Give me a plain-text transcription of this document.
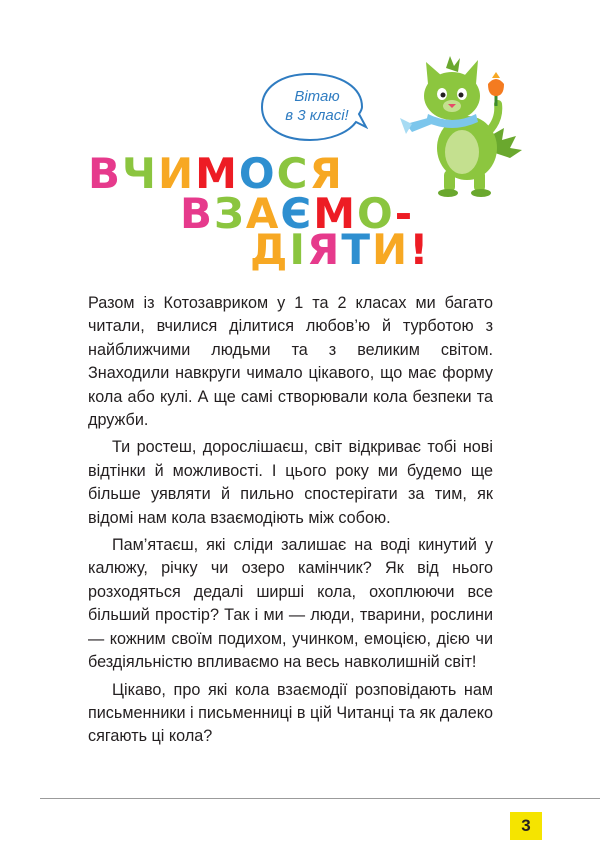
Вітаю
в 3 класі!
ВЧИМОСЯ
ВЗАЄМО-
ДІЯТИ!

Разом із Котозавриком у 1 та 2 класах ми багато читали, вчилися ділитися любов’ю й турботою з найближчими людьми та з великим світом. Знаходили навкруги чимало цікавого, що має форму кола або кулі. А ще самі створювали кола безпеки та дружби.

Ти ростеш, дорослішаєш, світ відкриває тобі нові відтінки й можливості. І цього року ми будемо ще більше уявляти й пильно спостерігати за тим, як відомі нам кола взаємодіють між собою.

Пам’ятаєш, які сліди залишає на воді кинутий у калюжу, річку чи озеро камінчик? Як від нього розходяться дедалі ширші кола, охоплюючи все більший простір? Так і ми — люди, тварини, рослини — кожним своїм подихом, учинком, емоцією, дією чи бездіяльністю впливаємо на весь навколишній світ!

Цікаво, про які кола взаємодії розповідають нам письменники і письменниці в цій Читанці та як далеко сягають ці кола?

3
